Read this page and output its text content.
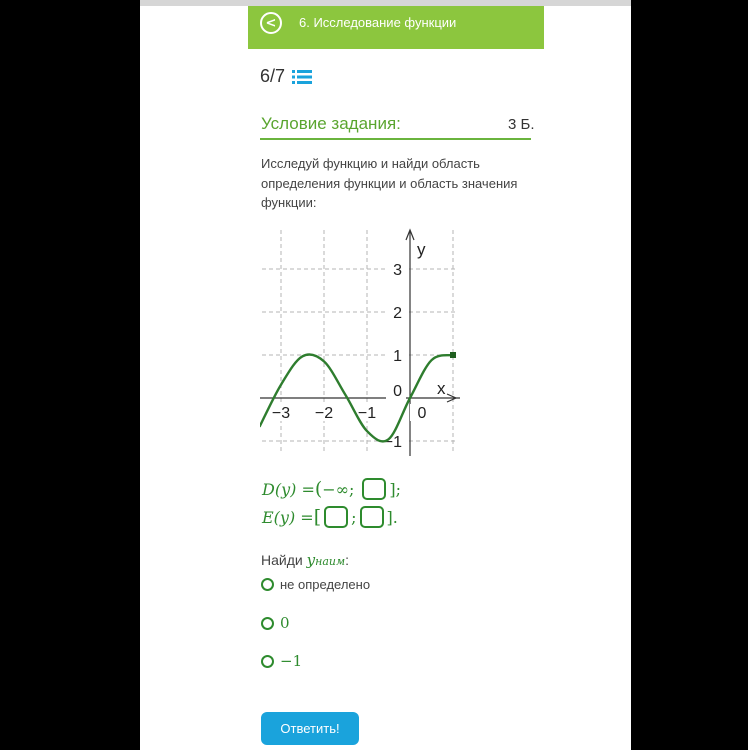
< 6. Исследование функции
6/7
Условие задания:	3 Б.
Исследуй функцию и найди область определения функции и область значения функции:
x
y
−3 −2 −1	0
3
2
1
0
−1
D(y) = ( −∞; ];
E(y) = [ ; ].
Найди yнаим:
не определено
0
−1
Ответить!
